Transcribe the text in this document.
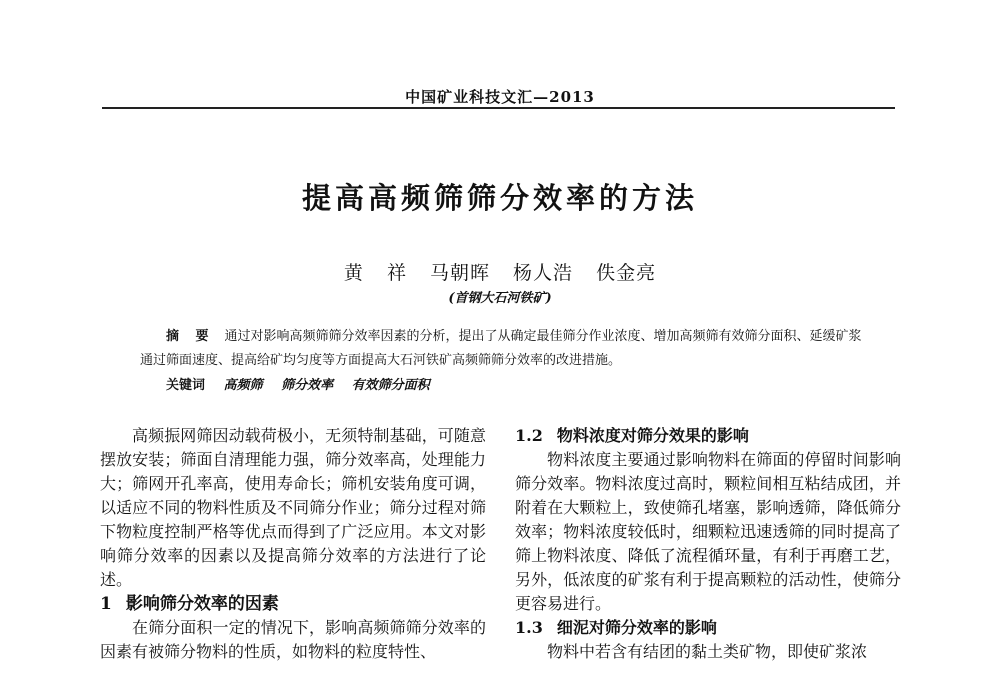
中国矿业科技文汇—2013
提高高频筛筛分效率的方法
黄 祥 马朝晖 杨人浩 佚金亮
(首钢大石河铁矿)
摘 要 通过对影响高频筛筛分效率因素的分析，提出了从确定最佳筛分作业浓度、增加高频筛有效筛分面积、延缓矿浆通过筛面速度、提高给矿均匀度等方面提高大石河铁矿高频筛筛分效率的改进措施。
关键词 高频筛 筛分效率 有效筛分面积

高频振网筛因动载荷极小，无须特制基础，可随意摆放安装；筛面自清理能力强，筛分效率高，处理能力大；筛网开孔率高，使用寿命长；筛机安装角度可调，以适应不同的物料性质及不同筛分作业；筛分过程对筛下物粒度控制严格等优点而得到了广泛应用。本文对影响筛分效率的因素以及提高筛分效率的方法进行了论述。

1 影响筛分效率的因素

在筛分面积一定的情况下，影响高频筛筛分效率的因素有被筛分物料的性质，如物料的粒度特性、

1.2 物料浓度对筛分效果的影响

物料浓度主要通过影响物料在筛面的停留时间影响筛分效率。物料浓度过高时，颗粒间相互粘结成团，并附着在大颗粒上，致使筛孔堵塞，影响透筛，降低筛分效率；物料浓度较低时，细颗粒迅速透筛的同时提高了筛上物料浓度、降低了流程循环量，有利于再磨工艺，另外，低浓度的矿浆有利于提高颗粒的活动性，使筛分更容易进行。

1.3 细泥对筛分效率的影响

物料中若含有结团的黏土类矿物，即使矿浆浓
